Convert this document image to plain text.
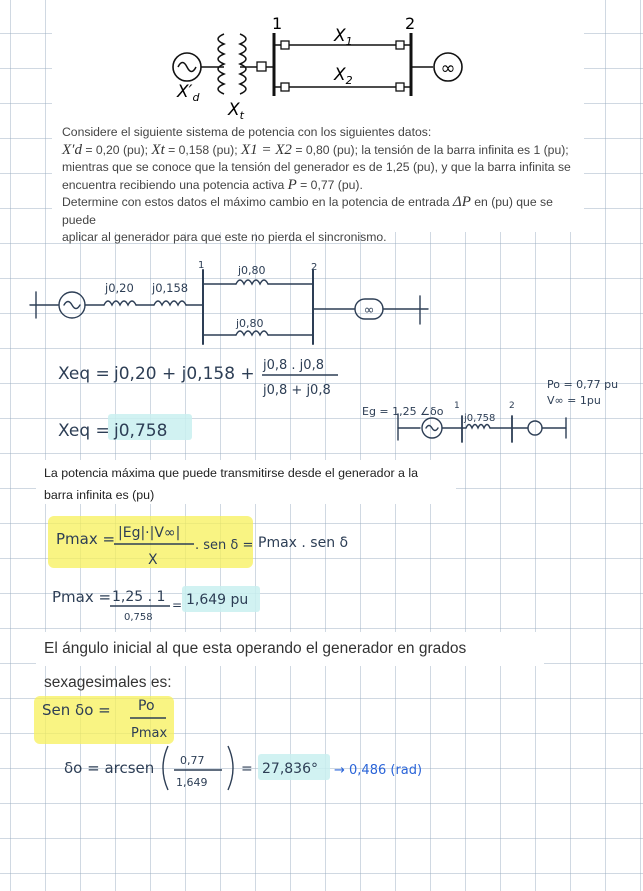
∞
1	2
$X_1$
$X_2$
$X'_d$
$X_t$

Considere el siguiente sistema de potencia con los siguientes datos:

X′d = 0,20 (pu); Xt = 0,158 (pu); X1 = X2 = 0,80 (pu); la tensión de la barra infinita es 1 (pu);

mientras que se conoce que la tensión del generador es de 1,25 (pu), y que la barra infinita se

encuentra recibiendo una potencia activa P = 0,77 (pu).

Determine con estos datos el máximo cambio en la potencia de entrada ΔP en (pu) que se puede

aplicar al generador para que este no pierda el sincronismo.

∞
1	2
j0,20 j0,158
j0,80
j0,80
Xeq = j0,20 + j0,158 + j0,8 . j0,8
j0,8 + j0,8
Xeq = j0,758
Eg = 1,25 ∠δo 1	2
j0,758
Po = 0,77 pu
V∞ = 1pu
La potencia máxima que puede transmitirse desde el generador a la barra infinita es (pu)
Pmax = |Eg|·|V∞|
X
. sen δ = Pmax . sen δ
Pmax = 1,25 . 1
0,758
= 1,649 pu
El ángulo inicial al que esta operando el generador en grados sexagesimales es:
Sen δo = Po
Pmax
δo = arcsen 0,77
1,649
= 27,836° → 0,486 (rad)
